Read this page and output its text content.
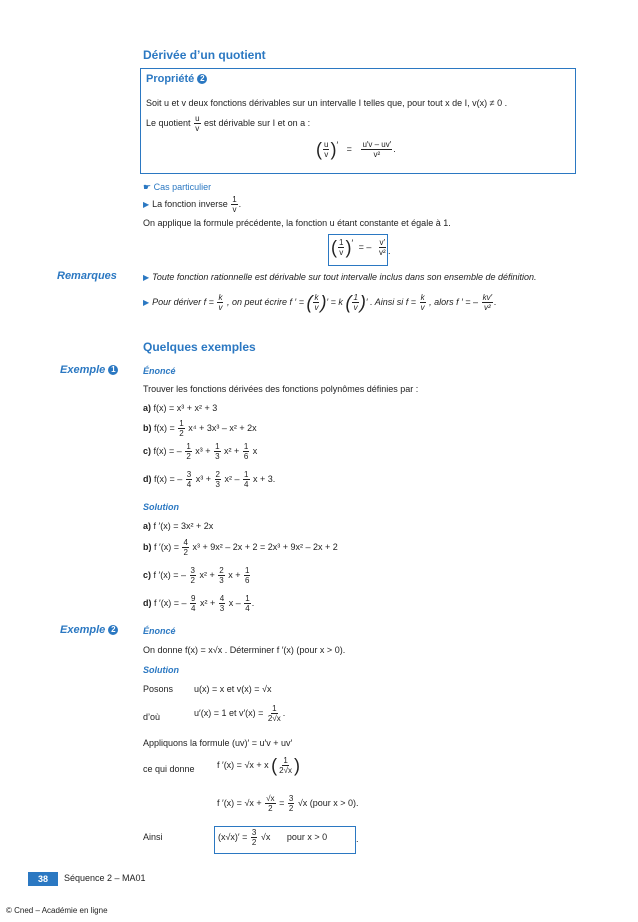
Dérivée d’un quotient
Propriété 2
Soit u et v deux fonctions dérivables sur un intervalle I telles que, pour tout x de I, v(x) ≠ 0 .
Le quotient $\frac{u}{v}$ est dérivable sur I et on a :
( $\frac{u}{v}$ )′ = $\frac{u'v - uv'}{\text{v²}}$ .
☛ Cas particulier
▶ La fonction inverse $\frac{1}{v}$ .
On applique la formule précédente, la fonction u étant constante et égale à 1.
( $\frac{1}{v}$ )′ = – $\frac{v'}{\text{v²}}$ .
Remarques	▶ Toute fonction rationnelle est dérivable sur tout intervalle inclus dans son ensemble de définition.
▶ Pour dériver $f = \frac{k}{v}$ , on peut écrire f ′ = ( $\frac{k}{v}$ )′ = k ( $\frac{1}{v}$ )′ . Ainsi si $f = \frac{k}{v}$ , alors f ′ = – $\frac{kv'}{\text{v²}}$ .
Quelques exemples
Exemple 1	Énoncé
Trouver les fonctions dérivées des fonctions polynômes définies par :
a) f(x) = x³ + x² + 3
b) $f(x) = \frac{1}{2} x^4 + 3x^3 - x^2 + 2x$
c) f(x) = – $\frac{1}{2} x^3 + \frac{1}{3} x^2 + \frac{1}{6}$ x
d) f(x) = – $\frac{3}{4} x^3 + \frac{2}{3} x^2 - \frac{1}{4}$ x + 3.
Solution
a) f ′(x) = 3x² + 2x
b) f $'(x) = \frac{4}{2} x^3 + 9x^2 - 2x + 2 = 2x^3 + 9x^2 - 2x + 2$
c) f ′(x) = – $\frac{3}{2} x^2 + \frac{2}{3}$ $x + \frac{1}{6}$
d) f ′(x) = – $\frac{9}{4} x^2 + \frac{4}{3}$ x – $\frac{1}{4}$ .
Exemple 2	Énoncé
On donne f(x) = x√x . Déterminer f ′(x) (pour x > 0).
Solution
Posons u(x) = x et v(x) = √x
d’où	u′(x) = 1 et $v'(x) = \frac{1}{2√x}$ .
Appliquons la formule (uv)′ = u′v + uv′
ce qui donne f ′(x) = √x + x ( $\frac{1}{2√x}$ )
f $'(x) = √x + \frac{√x}{2} = \frac{3}{2} √x$ (pour x > 0).
Ainsi	$(x√x)' = \frac{3}{2} √x$ pour x > 0	.
38	Séquence 2 – MA01
© Cned – Académie en ligne
